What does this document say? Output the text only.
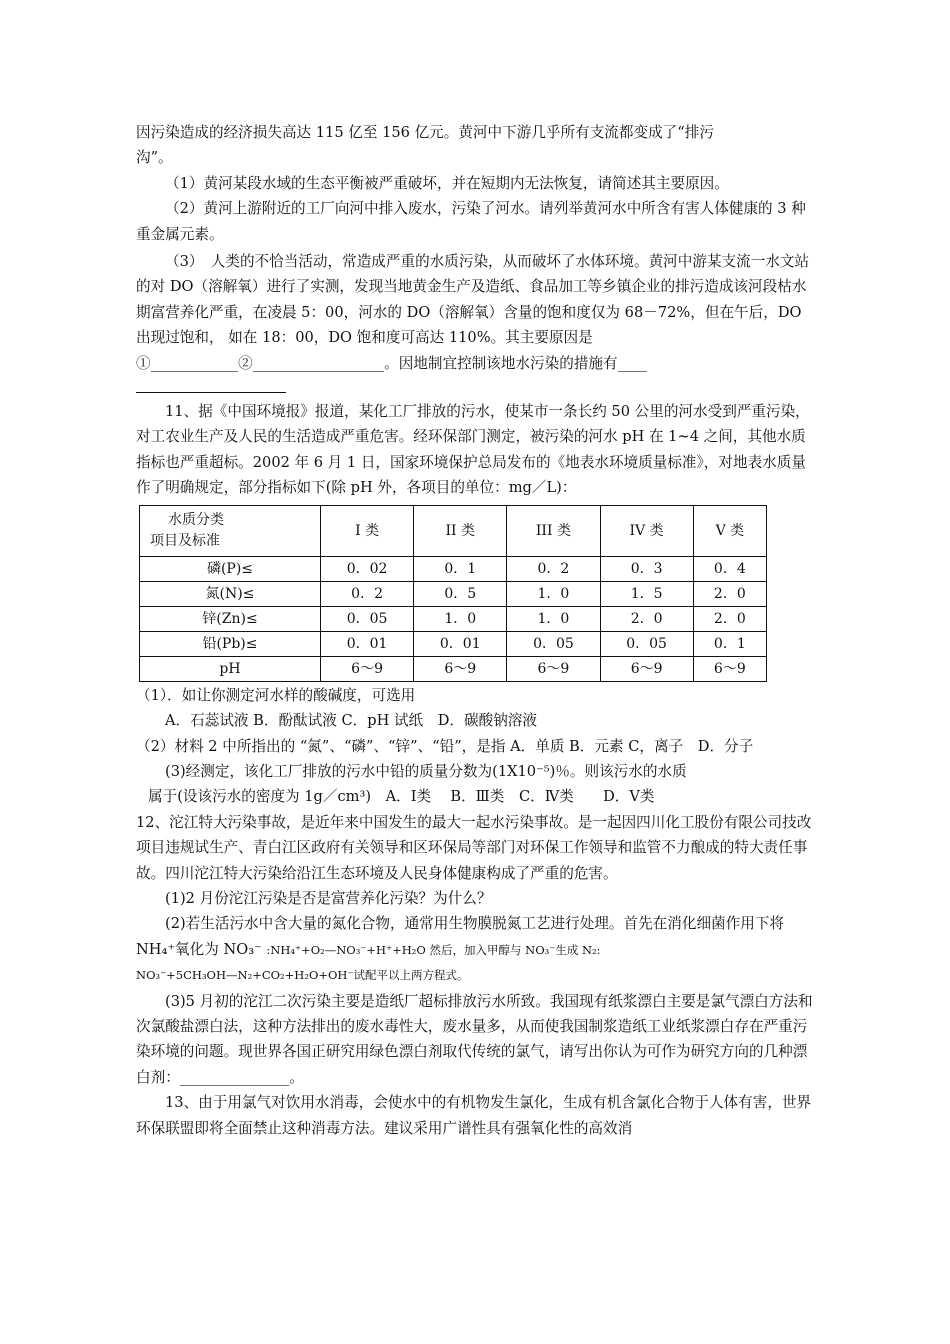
因污染造成的经济损失高达 115 亿至 156 亿元。黄河中下游几乎所有支流都变成了“排污

沟”。

（1）黄河某段水域的生态平衡被严重破坏，并在短期内无法恢复，请简述其主要原因。

（2）黄河上游附近的工厂向河中排入废水，污染了河水。请列举黄河水中所含有害人体健康的 3 种重金属元素。

（3）　人类的不恰当活动，常造成严重的水质污染，从而破坏了水体环境。黄河中游某支流一水文站的对 DO（溶解氧）进行了实测，发现当地黄金生产及造纸、食品加工等乡镇企业的排污造成该河段枯水期富营养化严重，在凌晨 5：00，河水的 DO（溶解氧）含量的饱和度仅为 68－72%，但在午后，DO 出现过饱和， 如在 18：00，DO 饱和度可高达 110%。其主要原因是①____________②__________________。因地制宜控制该地水污染的措施有____

11、据《中国环境报》报道，某化工厂排放的污水，使某市一条长约 50 公里的河水受到严重污染，对工农业生产及人民的生活造成严重危害。经环保部门测定，被污染的河水 pH 在 1~4 之间，其他水质指标也严重超标。2002 年 6 月 1 日，国家环境保护总局发布的《地表水环境质量标准》，对地表水质量作了明确规定，部分指标如下(除 pH 外，各项目的单位：mg／L)：

水质分类
项目及标准	I 类	II 类	III 类	IV 类	V 类
磷(P)≤	0．02	0．1	0．2	0．3	0．4
氮(N)≤	0．2	0．5	1．0	1．5	2．0
锌(Zn)≤	0．05	1．0	1．0	2．0	2．0
铅(Pb)≤	0．01	0．01	0．05	0．05	0．1
pH	6～9	6～9	6～9	6～9	6～9

（1）．如让你测定河水样的酸碱度，可选用

A．石蕊试液 B．酚酞试液 C．pH 试纸　D．碳酸钠溶液

（2）材料 2 中所指出的 “氮”、“磷”、“锌”、“铅”，是指 A．单质 B．元素 C，离子　D．分子

(3)经测定，该化工厂排放的污水中铅的质量分数为(1X10⁻⁵)％。则该污水的水质

属于(设该污水的密度为 1g／cm³)　A．Ⅰ类　 B．Ⅲ类　C．Ⅳ类　　D．Ⅴ类

12、沱江特大污染事故，是近年来中国发生的最大一起水污染事故。是一起因四川化工股份有限公司技改项目违规试生产、青白江区政府有关领导和区环保局等部门对环保工作领导和监管不力酿成的特大责任事故。四川沱江特大污染给沿江生态环境及人民身体健康构成了严重的危害。

(1)2 月份沱江污染是否是富营养化污染？为什么？

(2)若生活污水中含大量的氮化合物，通常用生物膜脱氮工艺进行处理。首先在消化细菌作用下将 NH₄⁺氧化为 NO₃⁻ :NH₄⁺+O₂—NO₃⁻+H⁺+H₂O 然后，加入甲醇与 NO₃⁻生成 N₂:

NO₃⁻+5CH₃OH—N₂+CO₂+H₂O+OH⁻试配平以上两方程式。

(3)5 月初的沱江二次污染主要是造纸厂超标排放污水所致。我国现有纸浆漂白主要是氯气漂白方法和次氯酸盐漂白法，这种方法排出的废水毒性大，废水量多，从而使我国制浆造纸工业纸浆漂白存在严重污染环境的问题。现世界各国正研究用绿色漂白剂取代传统的氯气，请写出你认为可作为研究方向的几种漂白剂：_______________。

13、由于用氯气对饮用水消毒，会使水中的有机物发生氯化，生成有机含氯化合物于人体有害，世界环保联盟即将全面禁止这种消毒方法。建议采用广谱性具有强氧化性的高效消
